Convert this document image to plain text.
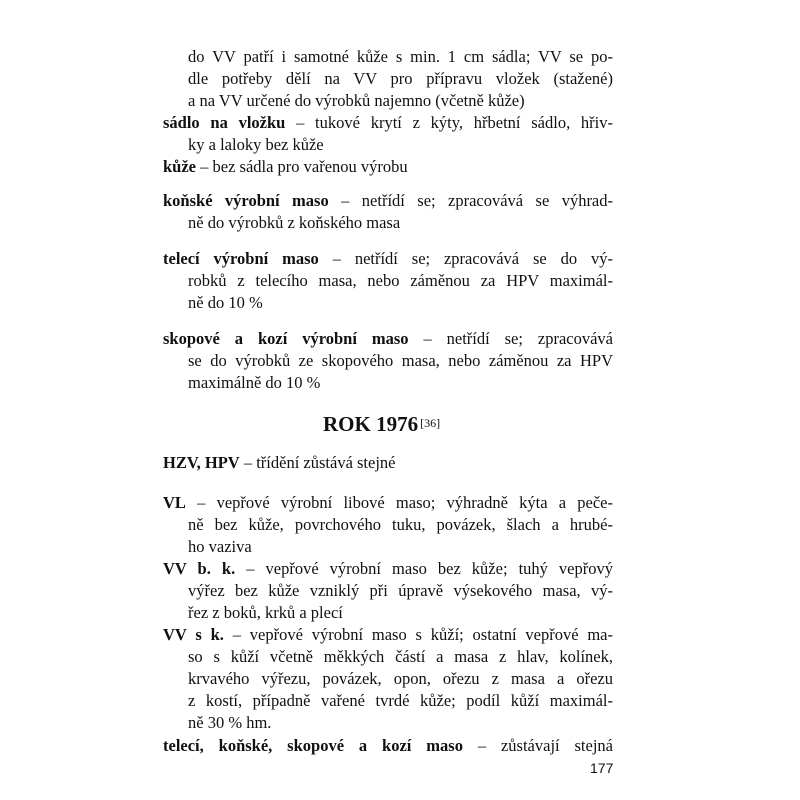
do VV patří i samotné kůže s min. 1 cm sádla; VV se po-
dle potřeby dělí na VV pro přípravu vložek (stažené)
a na VV určené do výrobků najemno (včetně kůže)
sádlo na vložku – tukové krytí z kýty, hřbetní sádlo, hřiv-
ky a laloky bez kůže
kůže – bez sádla pro vařenou výrobu
koňské výrobní maso – netřídí se; zpracovává se výhrad-
ně do výrobků z koňského masa
telecí výrobní maso – netřídí se; zpracovává se do vý-
robků z telecího masa, nebo záměnou za HPV maximál-
ně do 10 %
skopové a kozí výrobní maso – netřídí se; zpracovává
se do výrobků ze skopového masa, nebo záměnou za HPV
maximálně do 10 %
ROK 1976 [36]
HZV, HPV – třídění zůstává stejné
VL – vepřové výrobní libové maso; výhradně kýta a peče-
ně bez kůže, povrchového tuku, povázek, šlach a hrubé-
ho vaziva
VV b. k. – vepřové výrobní maso bez kůže; tuhý vepřový
výřez bez kůže vzniklý při úpravě výsekového masa, vý-
řez z boků, krků a plecí
VV s k. – vepřové výrobní maso s kůží; ostatní vepřové ma-
so s kůží včetně měkkých částí a masa z hlav, kolínek,
krvavého výřezu, povázek, opon, ořezu z masa a ořezu
z kostí, případně vařené tvrdé kůže; podíl kůží maximál-
ně 30 % hm.
telecí, koňské, skopové a kozí maso – zůstávají stejná
177
